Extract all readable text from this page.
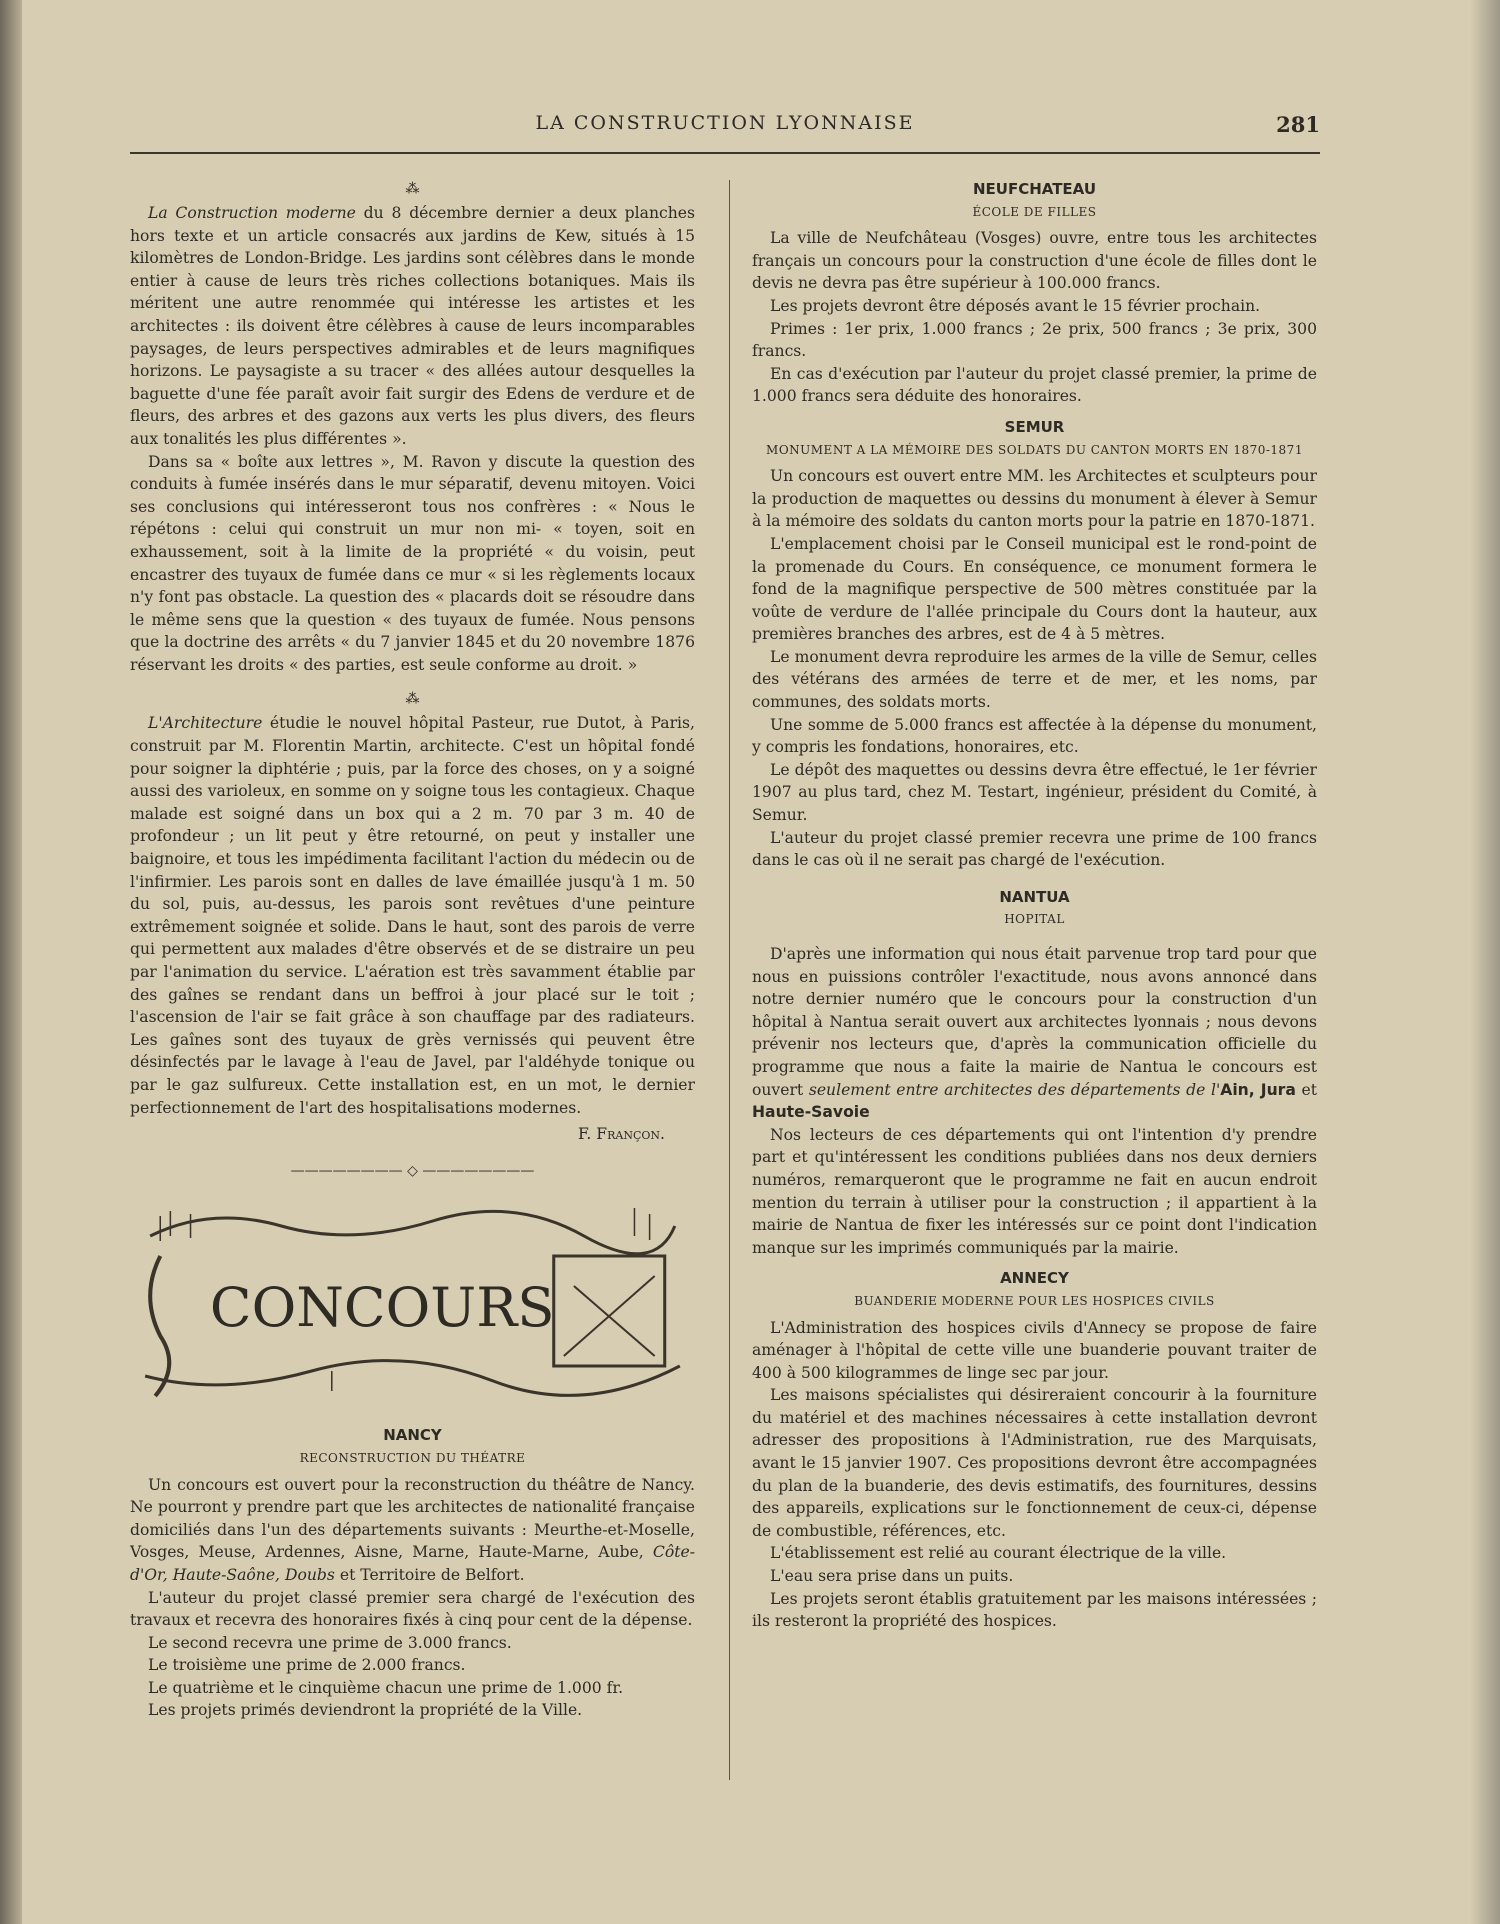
LA CONSTRUCTION LYONNAISE	281
⁂

La Construction moderne du 8 décembre dernier a deux planches hors texte et un article consacrés aux jardins de Kew, situés à 15 kilomètres de London-Bridge. Les jardins sont célèbres dans le monde entier à cause de leurs très riches collections botaniques. Mais ils méritent une autre renommée qui intéresse les artistes et les architectes : ils doivent être célèbres à cause de leurs incomparables paysages, de leurs perspectives admirables et de leurs magnifiques horizons. Le paysagiste a su tracer « des allées autour desquelles la baguette d'une fée paraît avoir fait surgir des Edens de verdure et de fleurs, des arbres et des gazons aux verts les plus divers, des fleurs aux tonalités les plus différentes ».

Dans sa « boîte aux lettres », M. Ravon y discute la question des conduits à fumée insérés dans le mur séparatif, devenu mitoyen. Voici ses conclusions qui intéresseront tous nos confrères : « Nous le répétons : celui qui construit un mur non mi- « toyen, soit en exhaussement, soit à la limite de la propriété « du voisin, peut encastrer des tuyaux de fumée dans ce mur « si les règlements locaux n'y font pas obstacle. La question des « placards doit se résoudre dans le même sens que la question « des tuyaux de fumée. Nous pensons que la doctrine des arrêts « du 7 janvier 1845 et du 20 novembre 1876 réservant les droits « des parties, est seule conforme au droit. »

⁂

L'Architecture étudie le nouvel hôpital Pasteur, rue Dutot, à Paris, construit par M. Florentin Martin, architecte. C'est un hôpital fondé pour soigner la diphtérie ; puis, par la force des choses, on y a soigné aussi des varioleux, en somme on y soigne tous les contagieux. Chaque malade est soigné dans un box qui a 2 m. 70 par 3 m. 40 de profondeur ; un lit peut y être retourné, on peut y installer une baignoire, et tous les impédimenta facilitant l'action du médecin ou de l'infirmier. Les parois sont en dalles de lave émaillée jusqu'à 1 m. 50 du sol, puis, au-dessus, les parois sont revêtues d'une peinture extrêmement soignée et solide. Dans le haut, sont des parois de verre qui permettent aux malades d'être observés et de se distraire un peu par l'animation du service. L'aération est très savamment établie par des gaînes se rendant dans un beffroi à jour placé sur le toit ; l'ascension de l'air se fait grâce à son chauffage par des radiateurs. Les gaînes sont des tuyaux de grès vernissés qui peuvent être désinfectés par le lavage à l'eau de Javel, par l'aldéhyde tonique ou par le gaz sulfureux. Cette installation est, en un mot, le dernier perfectionnement de l'art des hospitalisations modernes.

F. Françon.
———————— ◇ ————————
CONCOURS
NANCY
RECONSTRUCTION DU THÉATRE

Un concours est ouvert pour la reconstruction du théâtre de Nancy. Ne pourront y prendre part que les architectes de nationalité française domiciliés dans l'un des départements suivants : Meurthe-et-Moselle, Vosges, Meuse, Ardennes, Aisne, Marne, Haute-Marne, Aube, Côte-d'Or, Haute-Saône, Doubs et Territoire de Belfort.

L'auteur du projet classé premier sera chargé de l'exécution des travaux et recevra des honoraires fixés à cinq pour cent de la dépense.

Le second recevra une prime de 3.000 francs.

Le troisième une prime de 2.000 francs.

Le quatrième et le cinquième chacun une prime de 1.000 fr.

Les projets primés deviendront la propriété de la Ville.

NEUFCHATEAU
ÉCOLE DE FILLES

La ville de Neufchâteau (Vosges) ouvre, entre tous les architectes français un concours pour la construction d'une école de filles dont le devis ne devra pas être supérieur à 100.000 francs.

Les projets devront être déposés avant le 15 février prochain.

Primes : 1er prix, 1.000 francs ; 2e prix, 500 francs ; 3e prix, 300 francs.

En cas d'exécution par l'auteur du projet classé premier, la prime de 1.000 francs sera déduite des honoraires.

SEMUR
MONUMENT A LA MÉMOIRE DES SOLDATS DU CANTON MORTS EN 1870-1871

Un concours est ouvert entre MM. les Architectes et sculpteurs pour la production de maquettes ou dessins du monument à élever à Semur à la mémoire des soldats du canton morts pour la patrie en 1870-1871.

L'emplacement choisi par le Conseil municipal est le rond-point de la promenade du Cours. En conséquence, ce monument formera le fond de la magnifique perspective de 500 mètres constituée par la voûte de verdure de l'allée principale du Cours dont la hauteur, aux premières branches des arbres, est de 4 à 5 mètres.

Le monument devra reproduire les armes de la ville de Semur, celles des vétérans des armées de terre et de mer, et les noms, par communes, des soldats morts.

Une somme de 5.000 francs est affectée à la dépense du monument, y compris les fondations, honoraires, etc.

Le dépôt des maquettes ou dessins devra être effectué, le 1er février 1907 au plus tard, chez M. Testart, ingénieur, président du Comité, à Semur.

L'auteur du projet classé premier recevra une prime de 100 francs dans le cas où il ne serait pas chargé de l'exécution.

NANTUA
HOPITAL

D'après une information qui nous était parvenue trop tard pour que nous en puissions contrôler l'exactitude, nous avons annoncé dans notre dernier numéro que le concours pour la construction d'un hôpital à Nantua serait ouvert aux architectes lyonnais ; nous devons prévenir nos lecteurs que, d'après la communication officielle du programme que nous a faite la mairie de Nantua le concours est ouvert seulement entre architectes des départements de l'Ain, Jura et Haute-Savoie

Nos lecteurs de ces départements qui ont l'intention d'y prendre part et qu'intéressent les conditions publiées dans nos deux derniers numéros, remarqueront que le programme ne fait en aucun endroit mention du terrain à utiliser pour la construction ; il appartient à la mairie de Nantua de fixer les intéressés sur ce point dont l'indication manque sur les imprimés communiqués par la mairie.

ANNECY
BUANDERIE MODERNE POUR LES HOSPICES CIVILS

L'Administration des hospices civils d'Annecy se propose de faire aménager à l'hôpital de cette ville une buanderie pouvant traiter de 400 à 500 kilogrammes de linge sec par jour.

Les maisons spécialistes qui désireraient concourir à la fourniture du matériel et des machines nécessaires à cette installation devront adresser des propositions à l'Administration, rue des Marquisats, avant le 15 janvier 1907. Ces propositions devront être accompagnées du plan de la buanderie, des devis estimatifs, des fournitures, dessins des appareils, explications sur le fonctionnement de ceux-ci, dépense de combustible, références, etc.

L'établissement est relié au courant électrique de la ville.

L'eau sera prise dans un puits.

Les projets seront établis gratuitement par les maisons intéressées ; ils resteront la propriété des hospices.
